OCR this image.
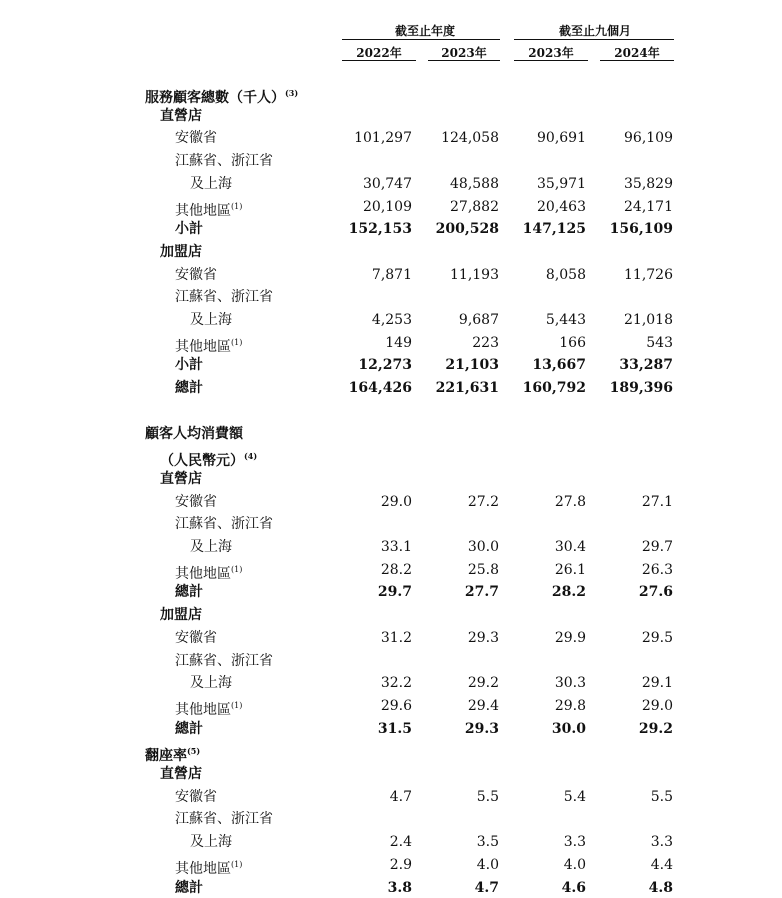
截至止年度	截至止九個月
2022年	2023年	2023年	2024年
服務顧客總數（千人）$^{(3)}$
直營店
安徽省	101,297	124,058	90,691	96,109
江蘇省、浙江省
及上海	30,747	48,588	35,971	35,829
其他地區$^{(1)}$	20,109	27,882	20,463	24,171
小計	152,153	200,528	147,125	156,109
加盟店
安徽省	7,871	11,193	8,058	11,726
江蘇省、浙江省
及上海	4,253	9,687	5,443	21,018
其他地區$^{(1)}$	149	223	166	543
小計	12,273	21,103	13,667	33,287
總計	164,426	221,631	160,792	189,396
顧客人均消費額
（人民幣元）$^{(4)}$
直營店
安徽省	29.0	27.2	27.8	27.1
江蘇省、浙江省
及上海	33.1	30.0	30.4	29.7
其他地區$^{(1)}$	28.2	25.8	26.1	26.3
總計	29.7	27.7	28.2	27.6
加盟店
安徽省	31.2	29.3	29.9	29.5
江蘇省、浙江省
及上海	32.2	29.2	30.3	29.1
其他地區$^{(1)}$	29.6	29.4	29.8	29.0
總計	31.5	29.3	30.0	29.2
翻座率$^{(5)}$
直營店
安徽省	4.7	5.5	5.4	5.5
江蘇省、浙江省
及上海	2.4	3.5	3.3	3.3
其他地區$^{(1)}$	2.9	4.0	4.0	4.4
總計	3.8	4.7	4.6	4.8
